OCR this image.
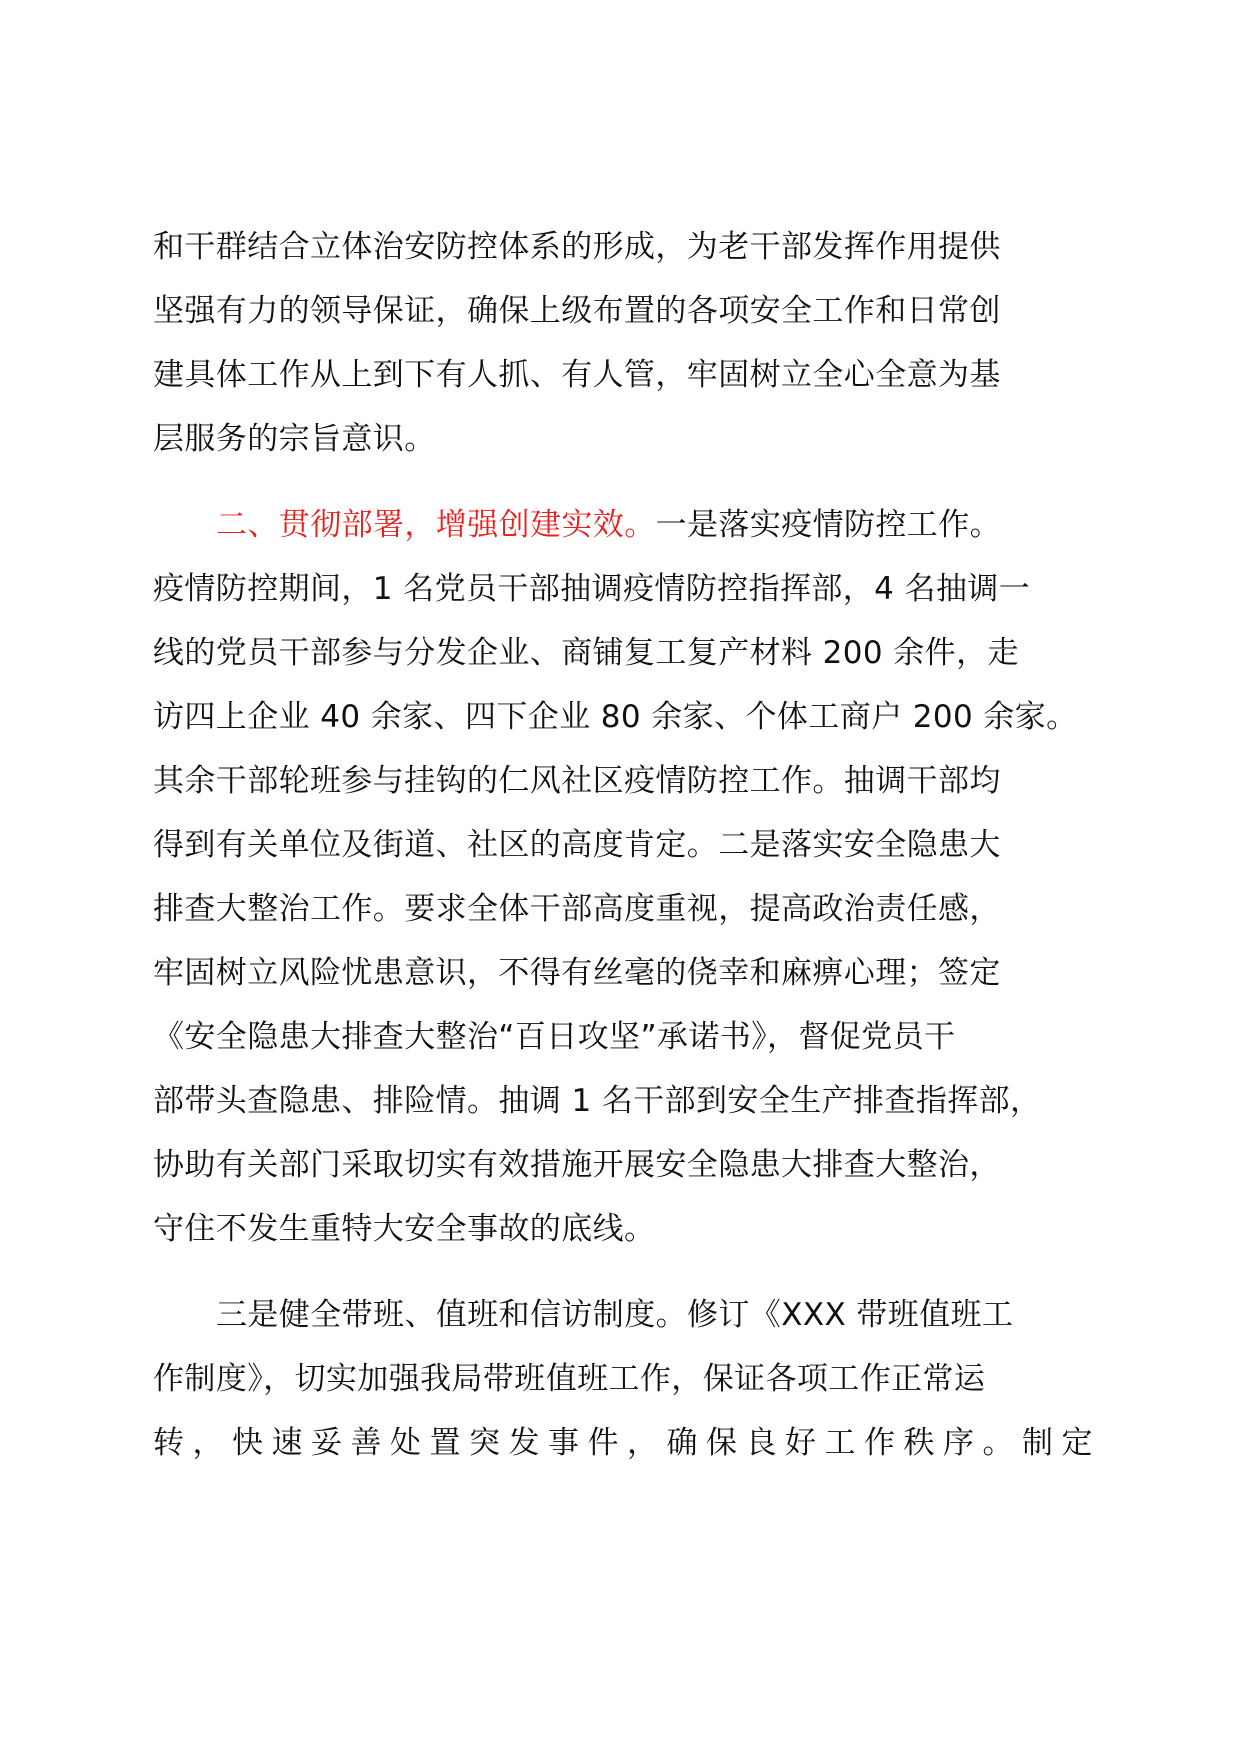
和干群结合立体治安防控体系的形成，为老干部发挥作用提供

坚强有力的领导保证，确保上级布置的各项安全工作和日常创

建具体工作从上到下有人抓、有人管，牢固树立全心全意为基

层服务的宗旨意识。

二、贯彻部署，增强创建实效。一是落实疫情防控工作。

疫情防控期间，1 名党员干部抽调疫情防控指挥部，4 名抽调一

线的党员干部参与分发企业、商铺复工复产材料 200 余件，走

访四上企业 40 余家、四下企业 80 余家、个体工商户 200 余家。

其余干部轮班参与挂钩的仁风社区疫情防控工作。抽调干部均

得到有关单位及街道、社区的高度肯定。二是落实安全隐患大

排查大整治工作。要求全体干部高度重视，提高政治责任感，

牢固树立风险忧患意识，不得有丝毫的侥幸和麻痹心理；签定

《安全隐患大排查大整治“百日攻坚”承诺书》，督促党员干

部带头查隐患、排险情。抽调 1 名干部到安全生产排查指挥部，

协助有关部门采取切实有效措施开展安全隐患大排查大整治，

守住不发生重特大安全事故的底线。

三是健全带班、值班和信访制度。修订《XXX 带班值班工

作制度》，切实加强我局带班值班工作，保证各项工作正常运

转，快速妥善处置突发事件，确保良好工作秩序。制定
